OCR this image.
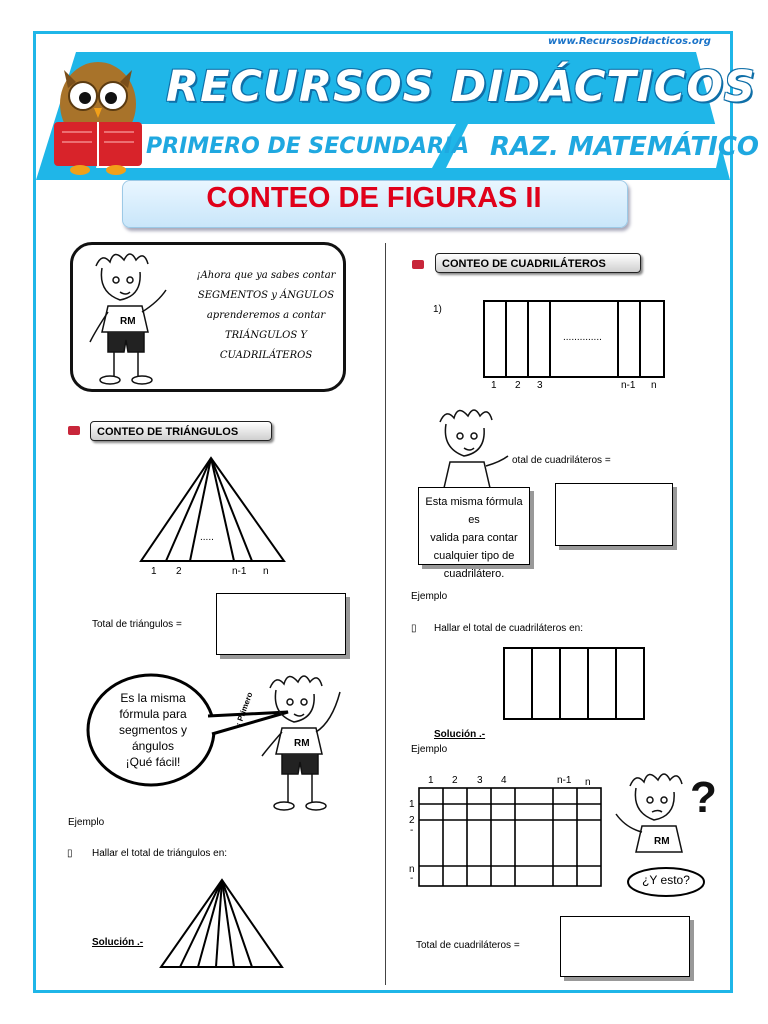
www.RecursosDidacticos.org
RECURSOS DIDÁCTICOS
PRIMERO DE SECUNDARIA RAZ. MATEMÁTICO
CONTEO DE FIGURAS II
RM
¡Ahora que ya sabes contar
SEGMENTOS y ÁNGULOS
aprenderemos a contar
TRIÁNGULOS Y
CUADRILÁTEROS
CONTEO DE TRIÁNGULOS
.....
1 2	n-1 n
Total de triángulos =
Es la misma
fórmula para
segmentos y
ángulos
¡Qué fácil!
RM
¡ Primero
Ejemplo
▯ Hallar el total de triángulos en:
Solución .-
CONTEO DE CUADRILÁTEROS
1)
..............
1 2 3	n-1 n
otal de cuadriláteros =
Esta misma fórmula es
valida para contar
cualquier tipo de
cuadrilátero.
Ejemplo
▯ Hallar el total de cuadriláteros en:
Solución .-
Ejemplo
1 2 3 4	n-1 n
1
2
-
n
-
RM
?
¿Y esto?
Total de cuadriláteros =
